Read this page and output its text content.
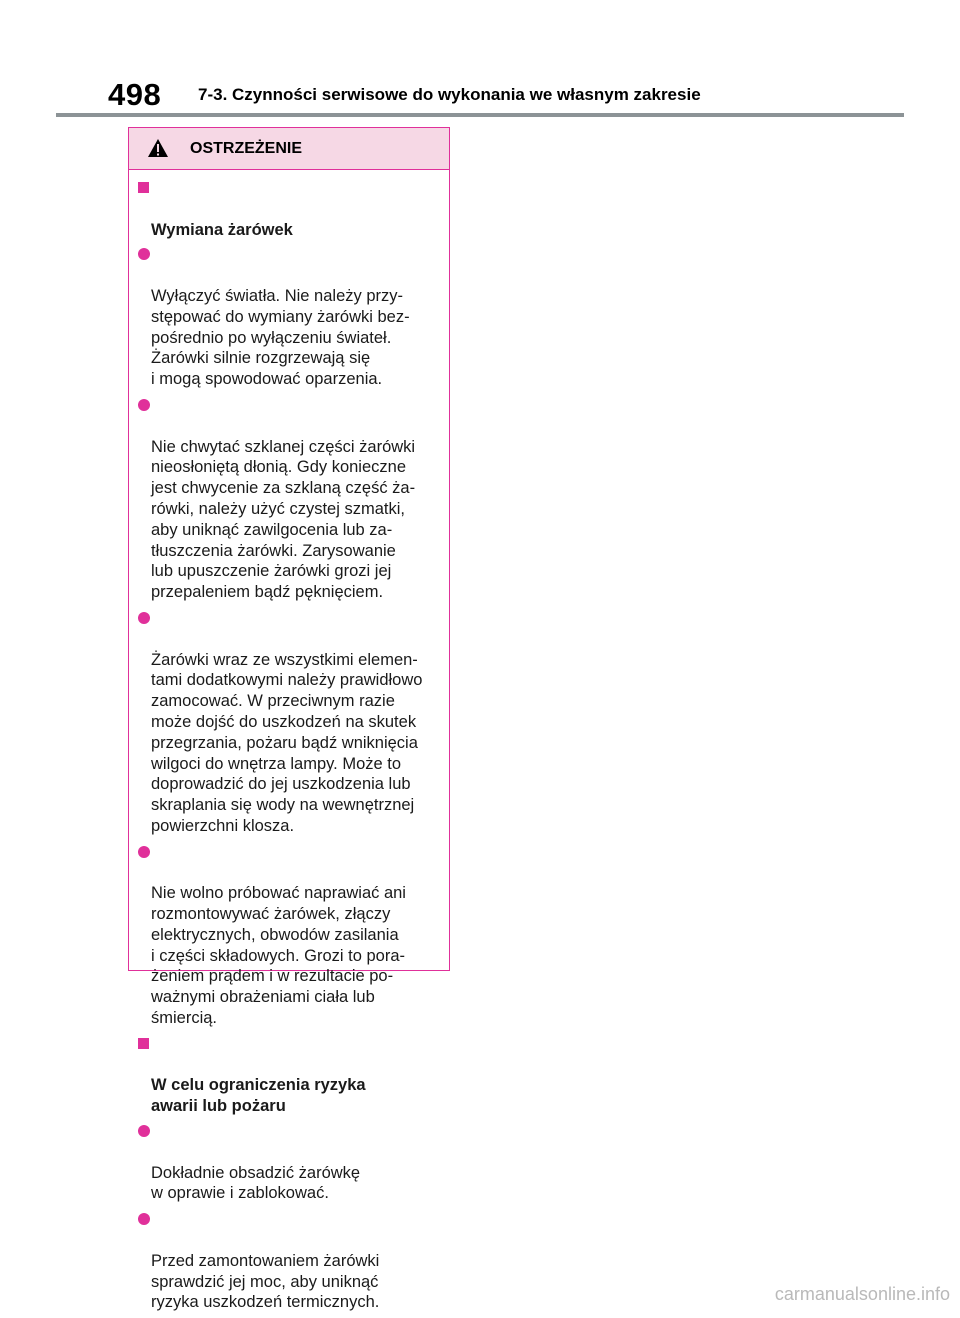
498 7-3. Czynności serwisowe do wykonania we własnym zakresie
OSTRZEŻENIE

Wymiana żarówek

Wyłączyć światła. Nie należy przy-
stępować do wymiany żarówki bez-
pośrednio po wyłączeniu świateł.
Żarówki silnie rozgrzewają się
i mogą spowodować oparzenia.

Nie chwytać szklanej części żarówki
nieosłoniętą dłonią. Gdy konieczne
jest chwycenie za szklaną część ża-
rówki, należy użyć czystej szmatki,
aby uniknąć zawilgocenia lub za-
tłuszczenia żarówki. Zarysowanie
lub upuszczenie żarówki grozi jej
przepaleniem bądź pęknięciem.

Żarówki wraz ze wszystkimi elemen-
tami dodatkowymi należy prawidłowo
zamocować. W przeciwnym razie
może dojść do uszkodzeń na skutek
przegrzania, pożaru bądź wniknięcia
wilgoci do wnętrza lampy. Może to
doprowadzić do jej uszkodzenia lub
skraplania się wody na wewnętrznej
powierzchni klosza.

Nie wolno próbować naprawiać ani
rozmontowywać żarówek, złączy
elektrycznych, obwodów zasilania
i części składowych. Grozi to pora-
żeniem prądem i w rezultacie po-
ważnymi obrażeniami ciała lub
śmiercią.

W celu ograniczenia ryzyka
awarii lub pożaru

Dokładnie obsadzić żarówkę
w oprawie i zablokować.

Przed zamontowaniem żarówki
sprawdzić jej moc, aby uniknąć
ryzyka uszkodzeń termicznych.	carmanualsonline.info
